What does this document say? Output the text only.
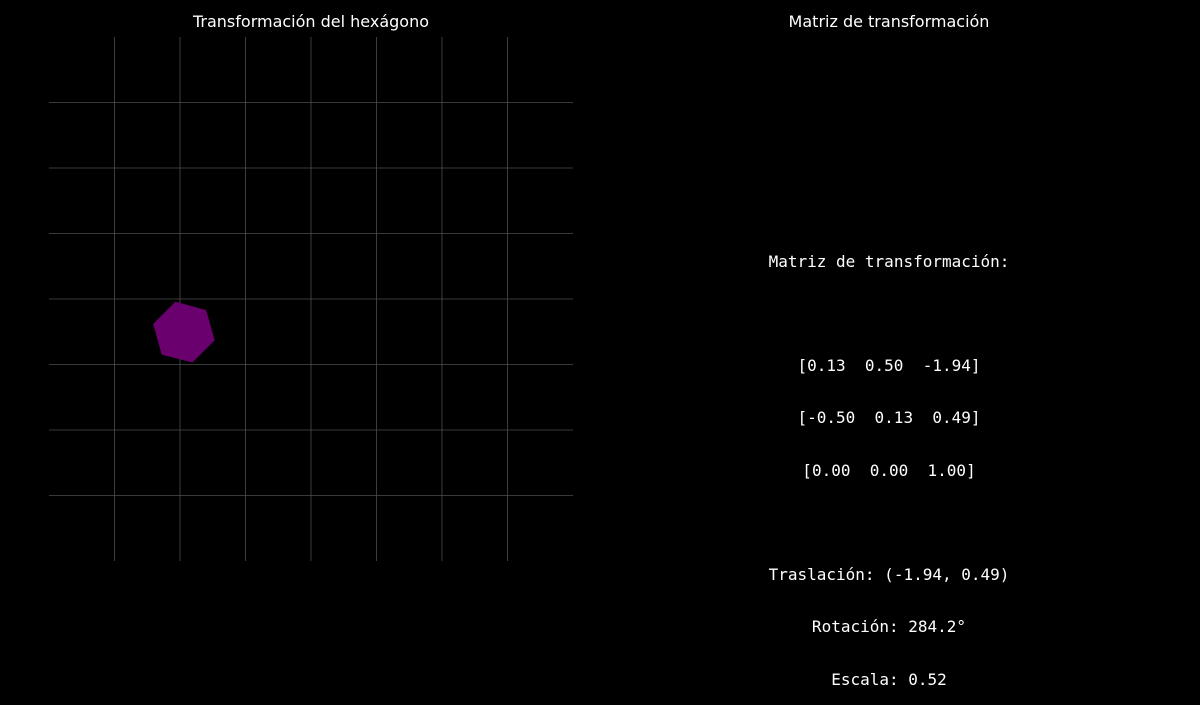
Transformación del hexágono	Matriz de transformación

Matriz de transformación:

[0.13  0.50  -1.94]

[-0.50  0.13  0.49]

[0.00  0.00  1.00]

Traslación: (-1.94, 0.49)

Rotación: 284.2°

Escala: 0.52
